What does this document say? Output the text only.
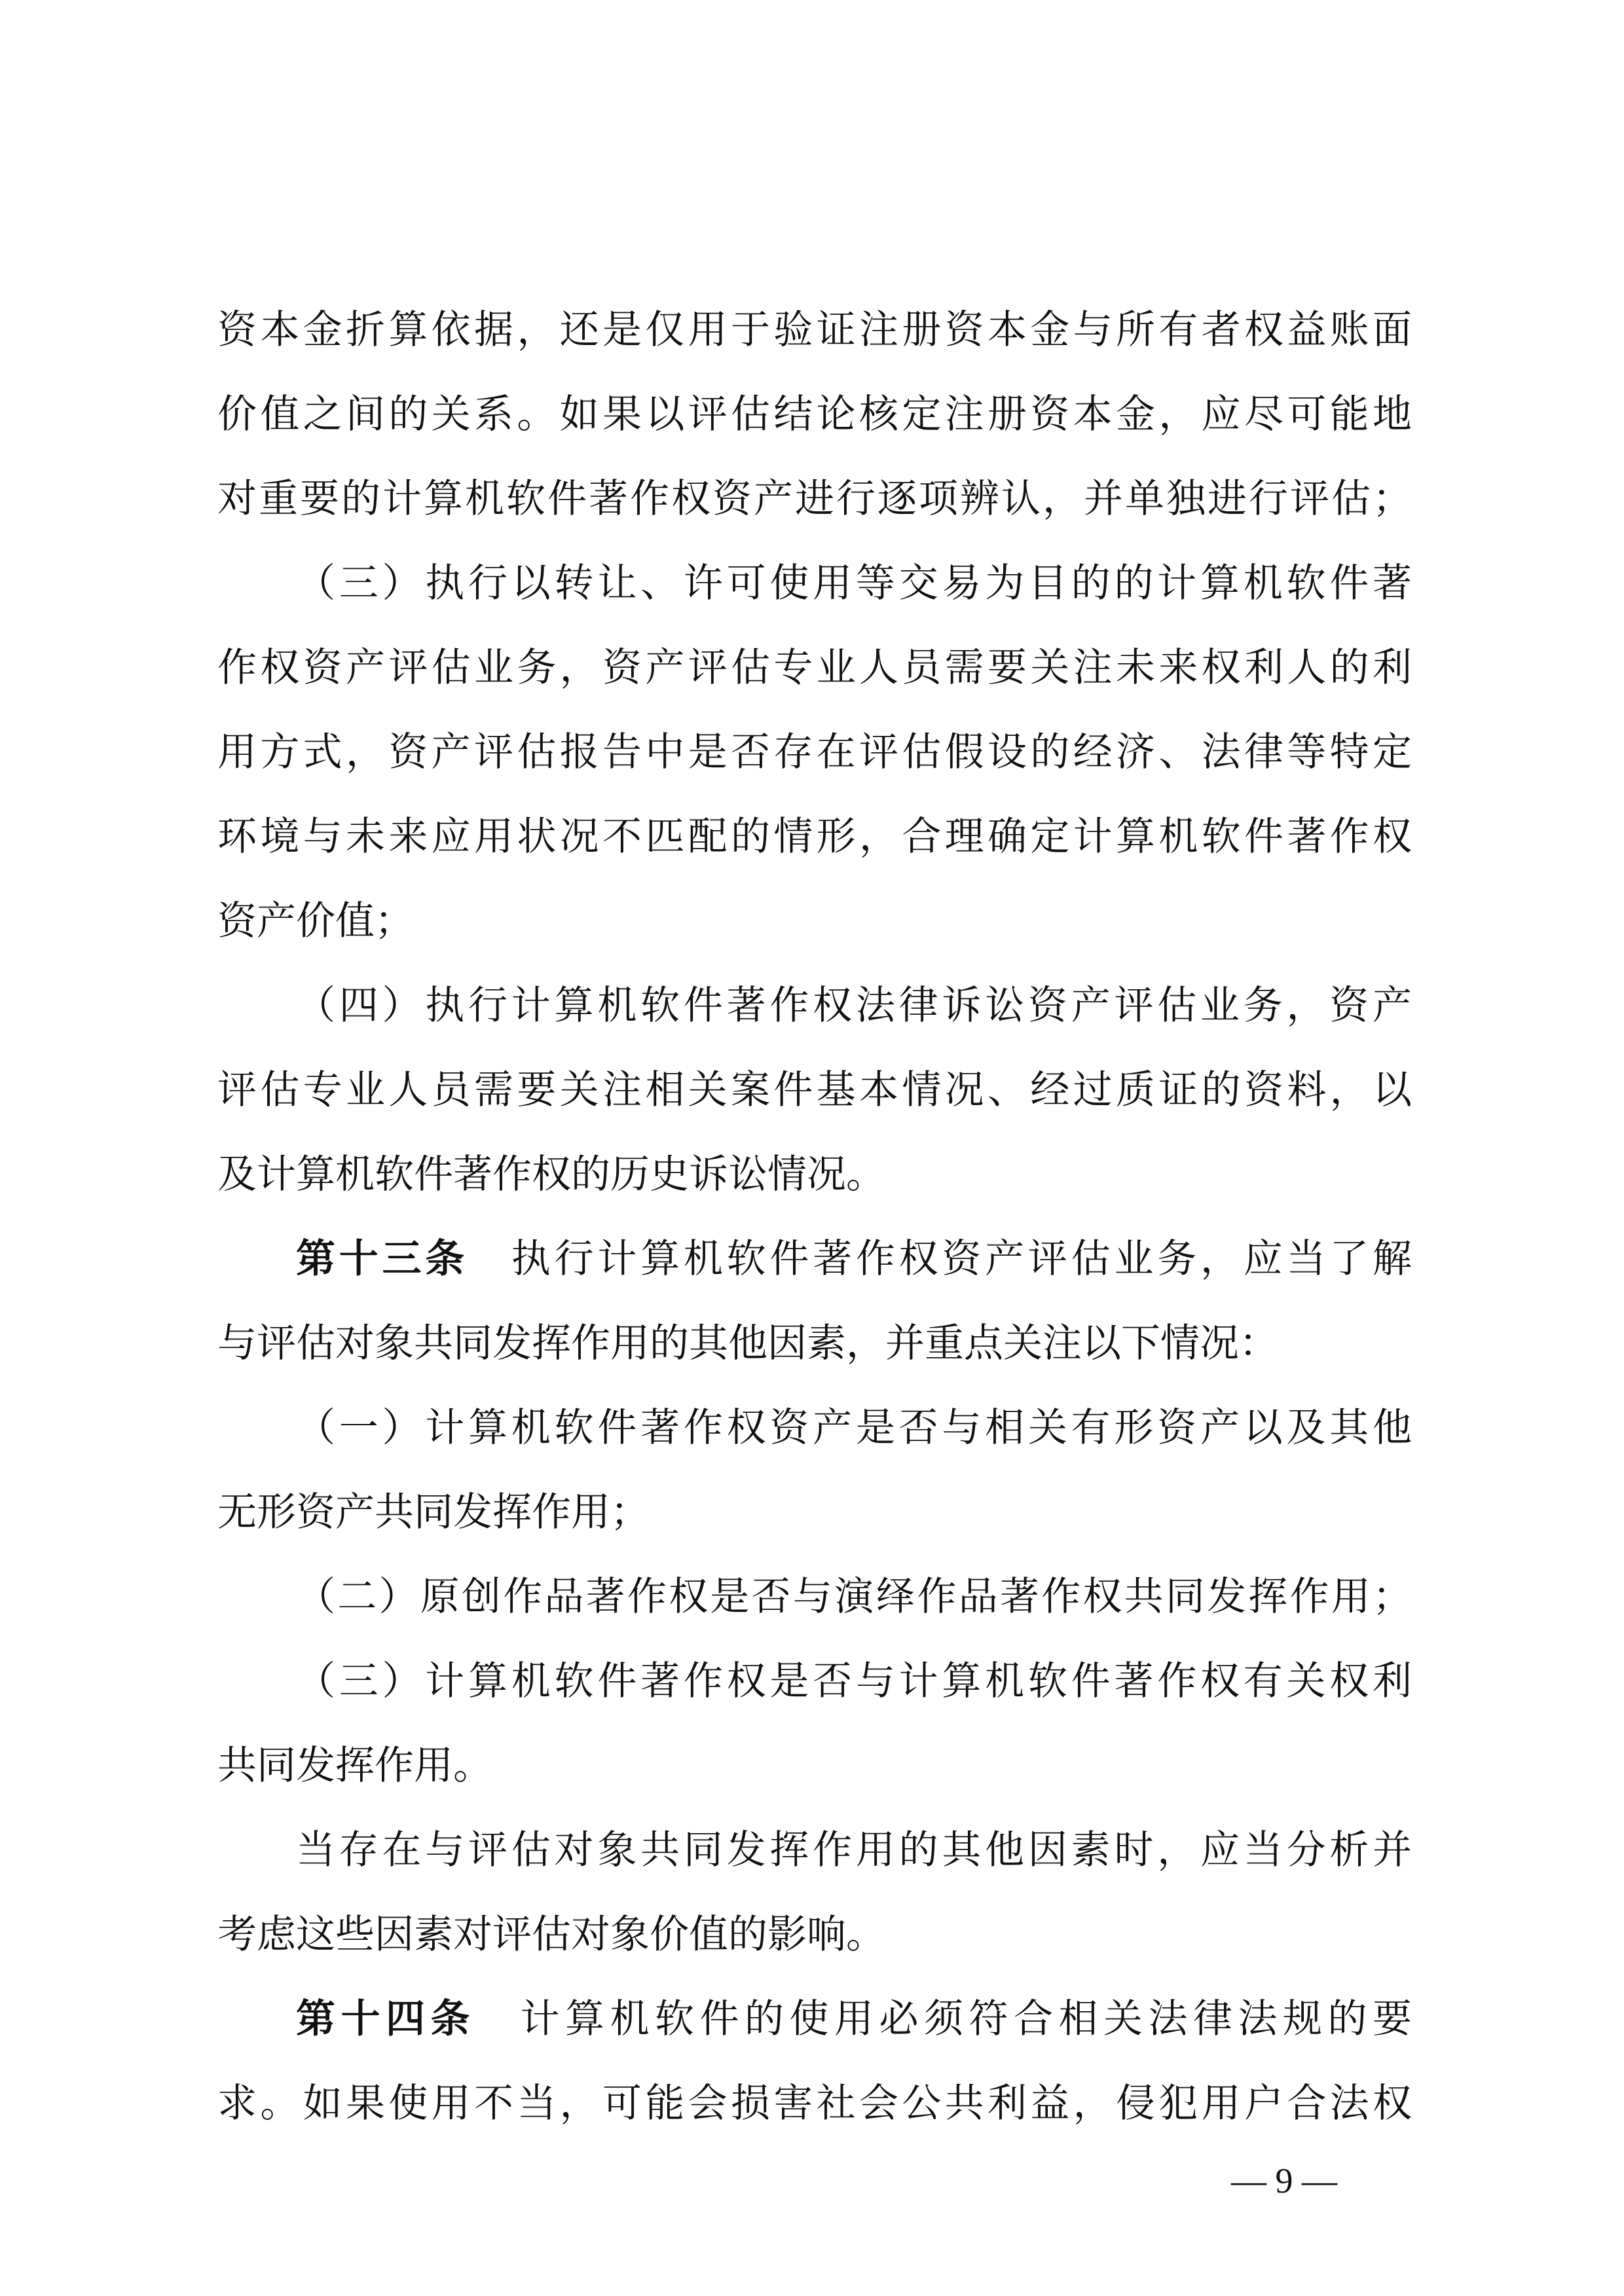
资本金折算依据，还是仅用于验证注册资本金与所有者权益账面
价值之间的关系。如果以评估结论核定注册资本金，应尽可能地
对重要的计算机软件著作权资产进行逐项辨认，并单独进行评估；
（三）执行以转让、许可使用等交易为目的的计算机软件著
作权资产评估业务，资产评估专业人员需要关注未来权利人的利
用方式，资产评估报告中是否存在评估假设的经济、法律等特定
环境与未来应用状况不匹配的情形，合理确定计算机软件著作权
资产价值；
（四）执行计算机软件著作权法律诉讼资产评估业务，资产
评估专业人员需要关注相关案件基本情况、经过质证的资料，以
及计算机软件著作权的历史诉讼情况。
第十三条　执行计算机软件著作权资产评估业务，应当了解
与评估对象共同发挥作用的其他因素，并重点关注以下情况：
（一）计算机软件著作权资产是否与相关有形资产以及其他
无形资产共同发挥作用；
（二）原创作品著作权是否与演绎作品著作权共同发挥作用；
（三）计算机软件著作权是否与计算机软件著作权有关权利
共同发挥作用。
当存在与评估对象共同发挥作用的其他因素时，应当分析并
考虑这些因素对评估对象价值的影响。
第十四条　计算机软件的使用必须符合相关法律法规的要
求。如果使用不当，可能会损害社会公共利益，侵犯用户合法权
— 9 —
